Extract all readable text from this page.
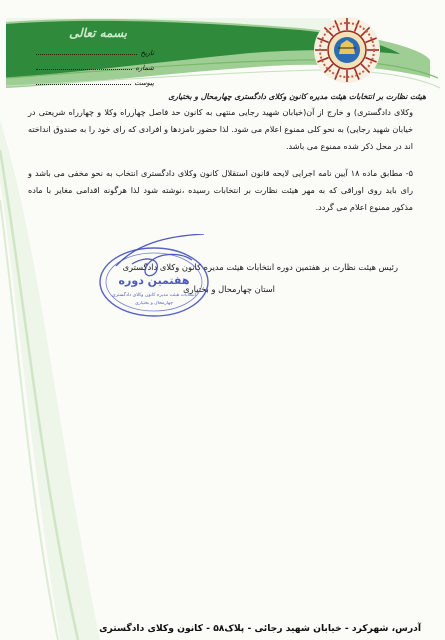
بسمه تعالی
تاریخ
شماره
پیوست
هیئت نظارت بر انتخابات هیئت مدیره کانون وکلای دادگستری چهارمحال و بختیاری

وکلای دادگستری) و خارج از آن(خیابان شهید رجایی منتهی به کانون حد فاصل چهارراه وکلا و چهارراه شریعتی در خیابان شهید رجایی) به نحو کلی ممنوع اعلام می شود. لذا حضور نامزدها و افرادی که رای خود را به صندوق انداخته اند در محل ذکر شده ممنوع می باشد.

۵- مطابق ماده ۱۸ آیین نامه اجرایی لایحه قانون استقلال کانون وکلای دادگستری انتخاب به نحو مخفی می باشد و رای باید روی اوراقی که به مهر هیئت نظارت بر انتخابات رسیده ،نوشته شود لذا هرگونه اقدامی مغایر با ماده مذکور ممنوع اعلام می گردد.

رئیس هیئت نظارت بر هفتمین دوره انتخابات هیئت مدیره کانون وکلای دادگستری
استان چهارمحال و بختیاری
هفتمین دوره
انتخابات هیئت مدیره کانون وکلای دادگستری
چهارمحال و بختیاری
آدرس، شهرکرد - خیابان شهید رجائی - پلاک۵۸ - کانون وکلای دادگستری
